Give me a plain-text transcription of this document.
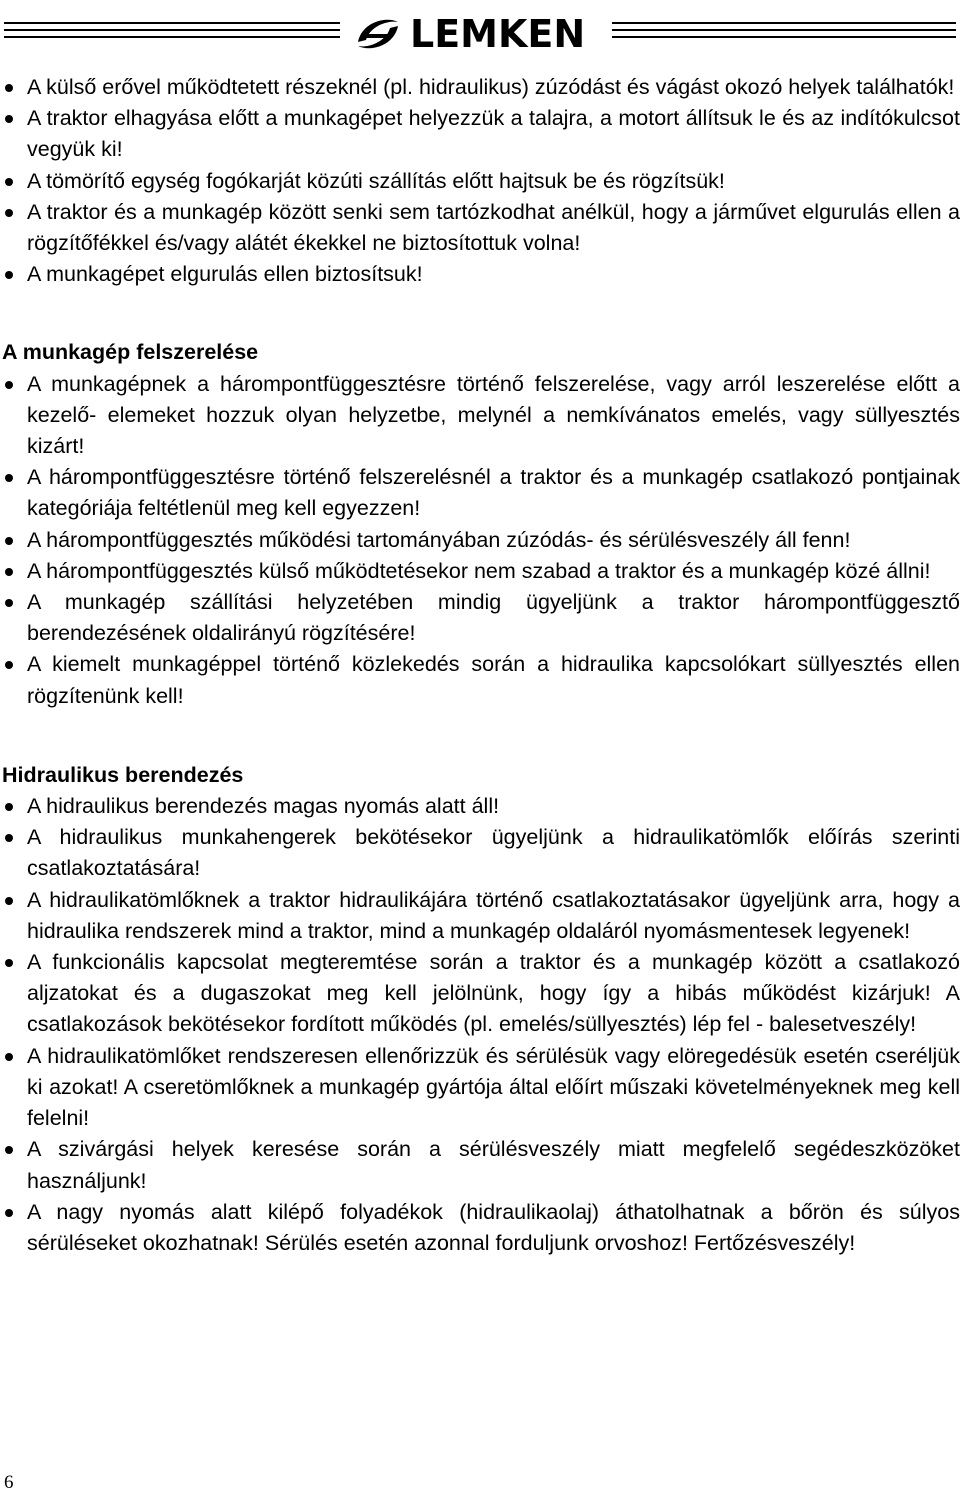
LEMKEN
A külső erővel működtetett részeknél (pl. hidraulikus) zúzódást és vágást okozó helyek találhatók!
A traktor elhagyása előtt a munkagépet helyezzük a talajra, a motort állítsuk le és az indítókulcsot vegyük ki!
A tömörítő egység fogókarját közúti szállítás előtt hajtsuk be és rögzítsük!
A traktor és a munkagép között senki sem tartózkodhat anélkül, hogy a járművet elgurulás ellen a rögzítőfékkel és/vagy alátét ékekkel ne biztosítottuk volna!
A munkagépet elgurulás ellen biztosítsuk!
A munkagép felszerelése
A munkagépnek a hárompontfüggesztésre történő felszerelése, vagy arról leszerelése előtt a kezelő- elemeket hozzuk olyan helyzetbe, melynél a nemkívánatos emelés, vagy süllyesztés kizárt!
A hárompontfüggesztésre történő felszerelésnél a traktor és a munkagép csatlakozó pontjainak kategóriája feltétlenül meg kell egyezzen!
A hárompontfüggesztés működési tartományában zúzódás- és sérülésveszély áll fenn!
A hárompontfüggesztés külső működtetésekor nem szabad a traktor és a munkagép közé állni!
A munkagép szállítási helyzetében mindig ügyeljünk a traktor hárompontfüggesztő berendezésének oldalirányú rögzítésére!
A kiemelt munkagéppel történő közlekedés során a hidraulika kapcsolókart süllyesztés ellen rögzítenünk kell!
Hidraulikus berendezés
A hidraulikus berendezés magas nyomás alatt áll!
A hidraulikus munkahengerek bekötésekor ügyeljünk a hidraulikatömlők előírás szerinti csatlakoztatására!
A hidraulikatömlőknek a traktor hidraulikájára történő csatlakoztatásakor ügyeljünk arra, hogy a hidraulika rendszerek mind a traktor, mind a munkagép oldaláról nyomásmentesek legyenek!
A funkcionális kapcsolat megteremtése során a traktor és a munkagép között a csatlakozó aljzatokat és a dugaszokat meg kell jelölnünk, hogy így a hibás működést kizárjuk! A csatlakozások bekötésekor fordított működés (pl. emelés/süllyesztés) lép fel - balesetveszély!
A hidraulikatömlőket rendszeresen ellenőrizzük és sérülésük vagy elöregedésük esetén cseréljük ki azokat! A cseretömlőknek a munkagép gyártója által előírt műszaki követelményeknek meg kell felelni!
A szivárgási helyek keresése során a sérülésveszély miatt megfelelő segédeszközöket használjunk!
A nagy nyomás alatt kilépő folyadékok (hidraulikaolaj) áthatolhatnak a bőrön és súlyos sérüléseket okozhatnak! Sérülés esetén azonnal forduljunk orvoshoz! Fertőzésveszély!
6
